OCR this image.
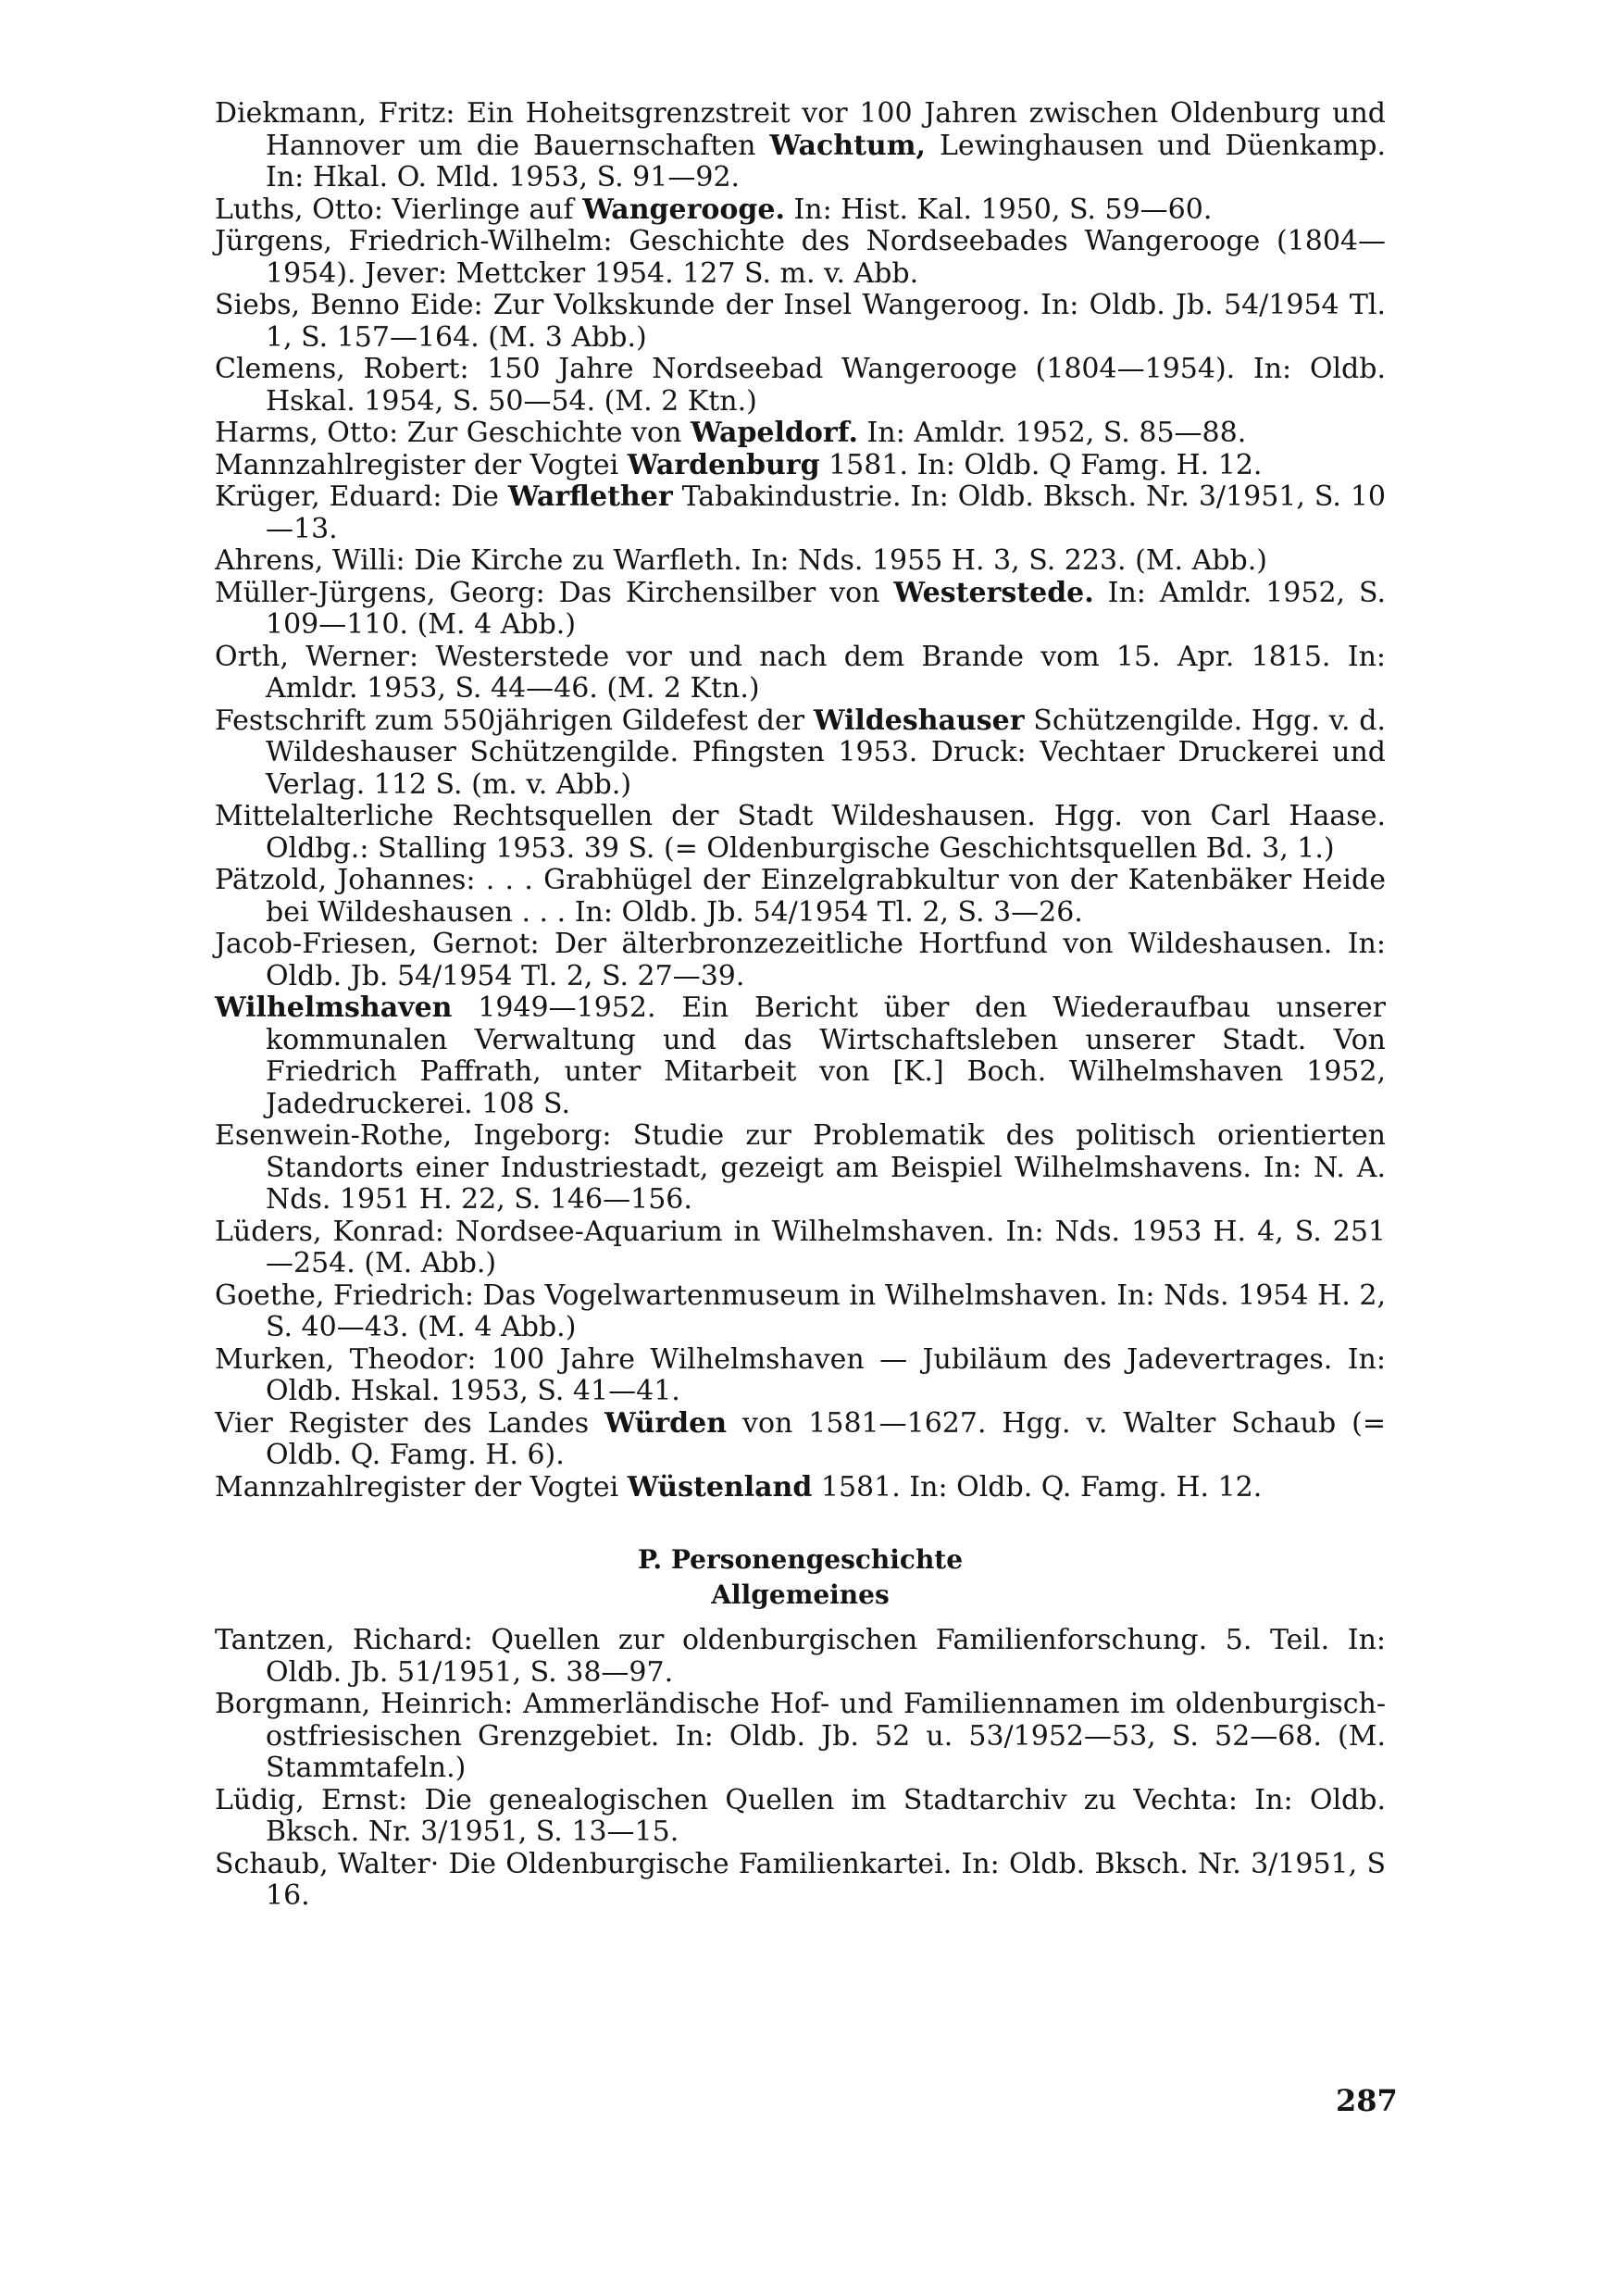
Diekmann, Fritz: Ein Hoheitsgrenzstreit vor 100 Jahren zwischen Oldenburg und Hannover um die Bauernschaften Wachtum, Lewinghausen und Düenkamp. In: Hkal. O. Mld. 1953, S. 91—92.

Luths, Otto: Vierlinge auf Wangerooge. In: Hist. Kal. 1950, S. 59—60.

Jürgens, Friedrich-Wilhelm: Geschichte des Nordseebades Wangerooge (1804—1954). Jever: Mettcker 1954. 127 S. m. v. Abb.

Siebs, Benno Eide: Zur Volkskunde der Insel Wangeroog. In: Oldb. Jb. 54/1954 Tl. 1, S. 157—164. (M. 3 Abb.)

Clemens, Robert: 150 Jahre Nordseebad Wangerooge (1804—1954). In: Oldb. Hskal. 1954, S. 50—54. (M. 2 Ktn.)

Harms, Otto: Zur Geschichte von Wapeldorf. In: Amldr. 1952, S. 85—88.

Mannzahlregister der Vogtei Wardenburg 1581. In: Oldb. Q Famg. H. 12.

Krüger, Eduard: Die Warflether Tabakindustrie. In: Oldb. Bksch. Nr. 3/1951, S. 10—13.

Ahrens, Willi: Die Kirche zu Warfleth. In: Nds. 1955 H. 3, S. 223. (M. Abb.)

Müller-Jürgens, Georg: Das Kirchensilber von Westerstede. In: Amldr. 1952, S. 109—110. (M. 4 Abb.)

Orth, Werner: Westerstede vor und nach dem Brande vom 15. Apr. 1815. In: Amldr. 1953, S. 44—46. (M. 2 Ktn.)

Festschrift zum 550jährigen Gildefest der Wildeshauser Schützengilde. Hgg. v. d. Wildeshauser Schützengilde. Pfingsten 1953. Druck: Vechtaer Druckerei und Verlag. 112 S. (m. v. Abb.)

Mittelalterliche Rechtsquellen der Stadt Wildeshausen. Hgg. von Carl Haase. Oldbg.: Stalling 1953. 39 S. (= Oldenburgische Geschichtsquellen Bd. 3, 1.)

Pätzold, Johannes: . . . Grabhügel der Einzelgrabkultur von der Katenbäker Heide bei Wildeshausen . . . In: Oldb. Jb. 54/1954 Tl. 2, S. 3—26.

Jacob-Friesen, Gernot: Der älterbronzezeitliche Hortfund von Wildeshausen. In: Oldb. Jb. 54/1954 Tl. 2, S. 27—39.

Wilhelmshaven 1949—1952. Ein Bericht über den Wiederaufbau unserer kommunalen Verwaltung und das Wirtschaftsleben unserer Stadt. Von Friedrich Paffrath, unter Mitarbeit von [K.] Boch. Wilhelmshaven 1952, Jadedruckerei. 108 S.

Esenwein-Rothe, Ingeborg: Studie zur Problematik des politisch orientierten Standorts einer Industriestadt, gezeigt am Beispiel Wilhelmshavens. In: N. A. Nds. 1951 H. 22, S. 146—156.

Lüders, Konrad: Nordsee-Aquarium in Wilhelmshaven. In: Nds. 1953 H. 4, S. 251—254. (M. Abb.)

Goethe, Friedrich: Das Vogelwartenmuseum in Wilhelmshaven. In: Nds. 1954 H. 2, S. 40—43. (M. 4 Abb.)

Murken, Theodor: 100 Jahre Wilhelmshaven — Jubiläum des Jadevertrages. In: Oldb. Hskal. 1953, S. 41—41.

Vier Register des Landes Würden von 1581—1627. Hgg. v. Walter Schaub (= Oldb. Q. Famg. H. 6).

Mannzahlregister der Vogtei Wüstenland 1581. In: Oldb. Q. Famg. H. 12.

P. Personengeschichte

Allgemeines

Tantzen, Richard: Quellen zur oldenburgischen Familienforschung. 5. Teil. In: Oldb. Jb. 51/1951, S. 38—97.

Borgmann, Heinrich: Ammerländische Hof- und Familiennamen im oldenburgisch-ostfriesischen Grenzgebiet. In: Oldb. Jb. 52 u. 53/1952—53, S. 52—68. (M. Stammtafeln.)

Lüdig, Ernst: Die genealogischen Quellen im Stadtarchiv zu Vechta: In: Oldb. Bksch. Nr. 3/1951, S. 13—15.

Schaub, Walter· Die Oldenburgische Familienkartei. In: Oldb. Bksch. Nr. 3/1951, S 16.

287
